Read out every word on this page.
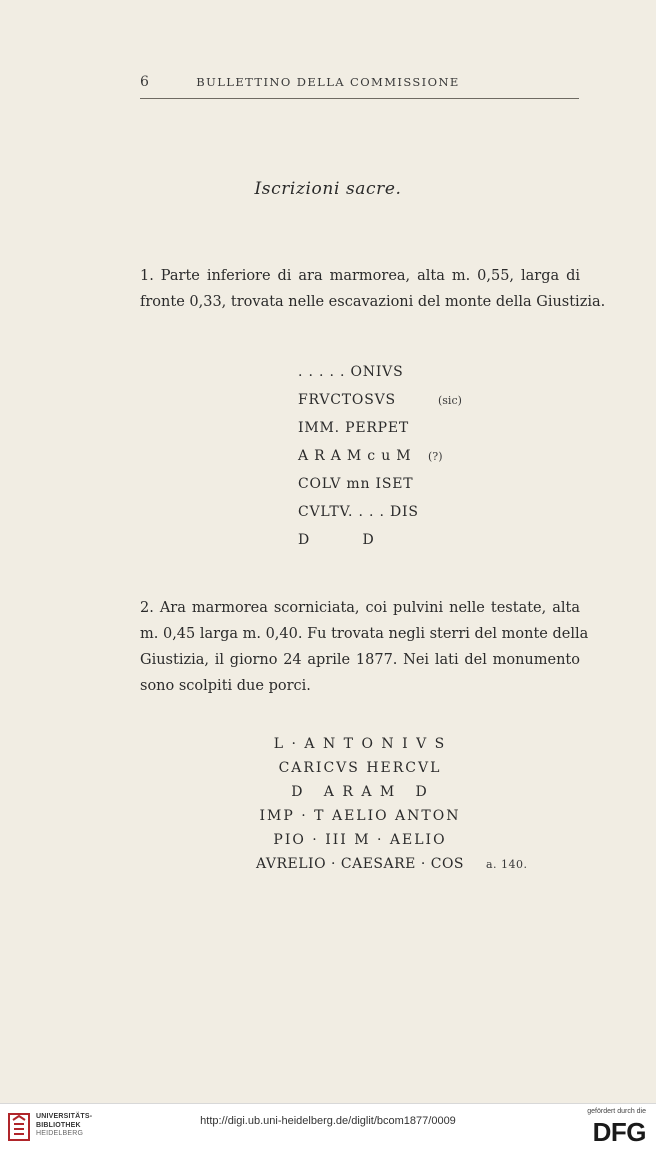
6	BULLETTINO DELLA COMMISSIONE
Iscrizioni sacre.
1. Parte inferiore di ara marmorea, alta m. 0,55, larga di
fronte 0,33, trovata nelle escavazioni del monte della Giustizia.
. . . . . ONIVS
FRVCTOSVS
IMM. PERPET
A R A M c u M
COLV mn ISET
CVLTV. . . . DIS
D          D
(sic)
(?)
2. Ara marmorea scorniciata, coi pulvini nelle testate, alta
m. 0,45 larga m. 0,40. Fu trovata negli sterri del monte della
Giustizia, il giorno 24 aprile 1877. Nei lati del monumento
sono scolpiti due porci.
L · A N T O N I V S
CARICVS HERCVL
D   A R A M   D
IMP · T AELIO ANTON
PIO · III M · AELIO
AVRELIO · CAESARE · COS	a. 140.
UNIVERSITÄTS-
BIBLIOTHEK
HEIDELBERG
http://digi.ub.uni-heidelberg.de/diglit/bcom1877/0009
gefördert durch die
DFG
